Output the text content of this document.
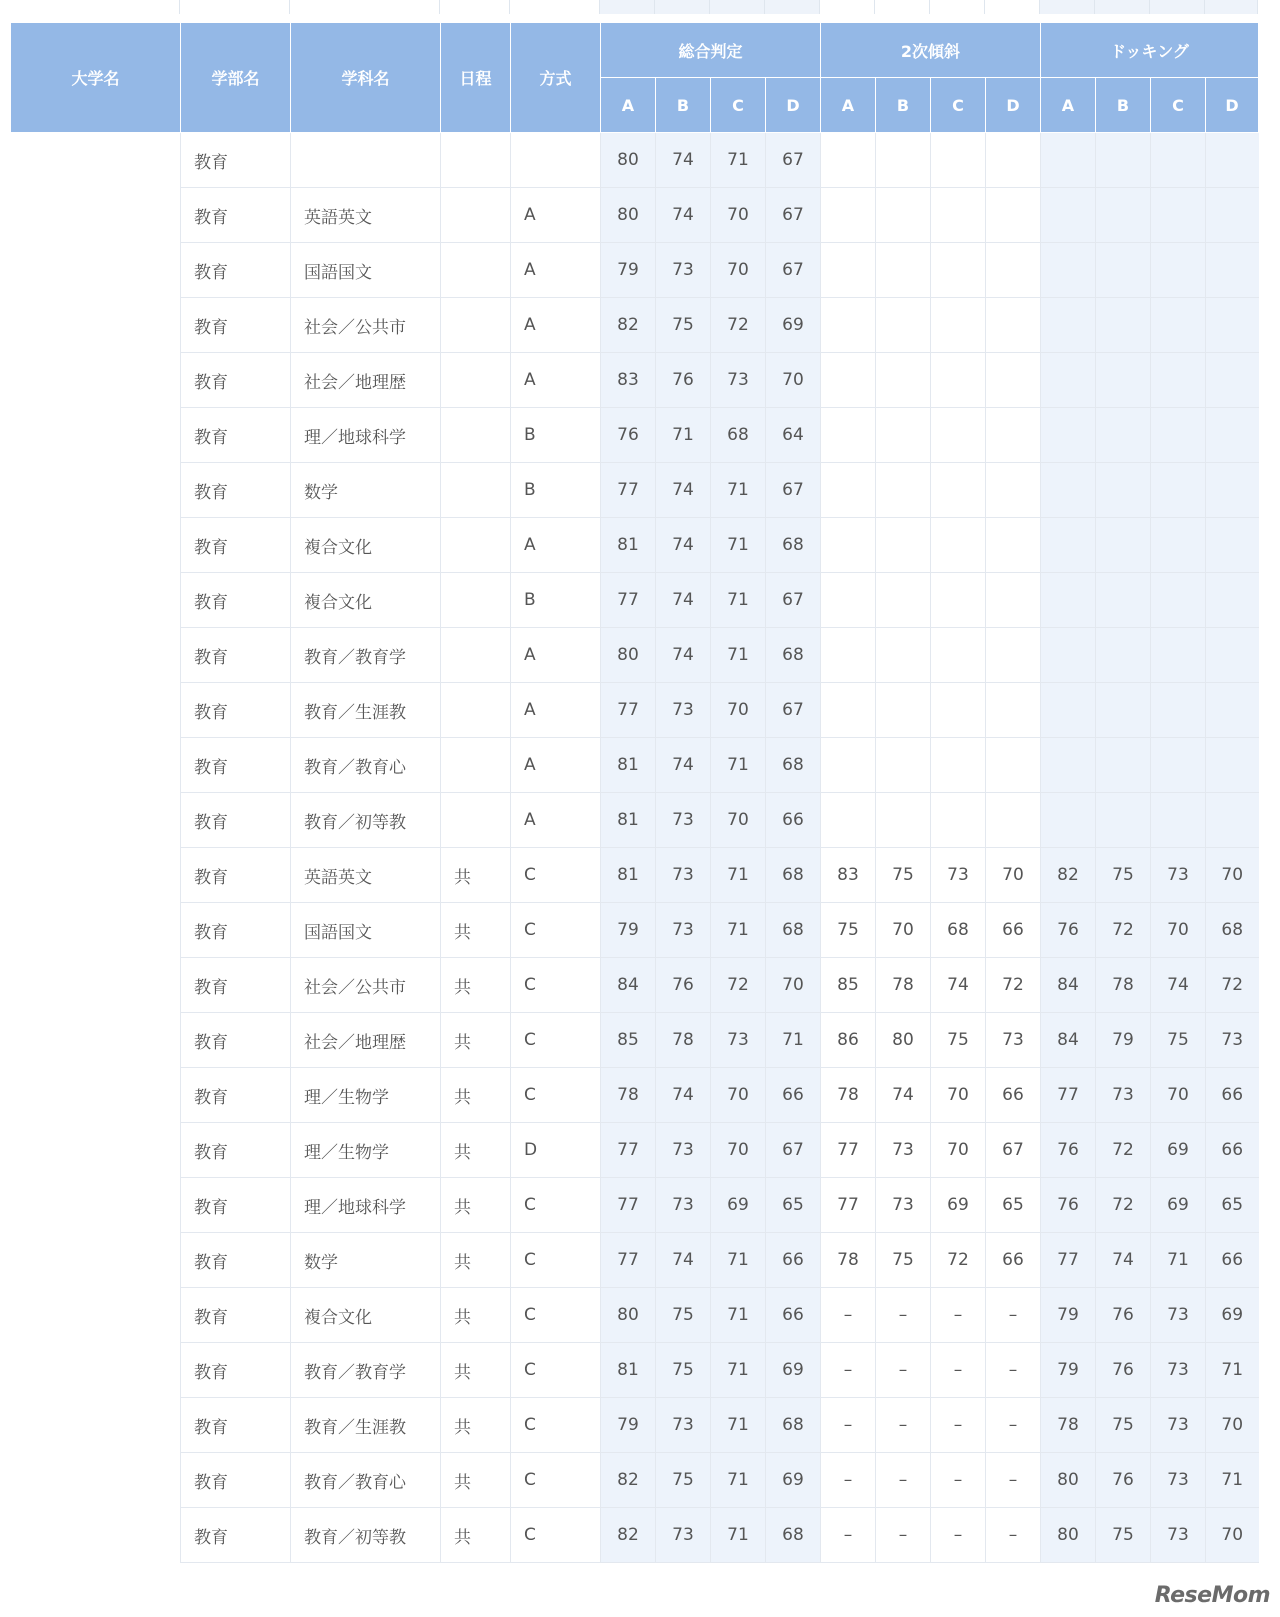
大学名	学部名	学科名	日程	方式	総合判定				2次傾斜				ドッキング			
					A	B	C	D	A	B	C	D	A	B	C	D
	教育				80	74	71	67								
	教育	英語英文		A	80	74	70	67								
	教育	国語国文		A	79	73	70	67								
	教育	社会／公共市		A	82	75	72	69								
	教育	社会／地理歴		A	83	76	73	70								
	教育	理／地球科学		B	76	71	68	64								
	教育	数学		B	77	74	71	67								
	教育	複合文化		A	81	74	71	68								
	教育	複合文化		B	77	74	71	67								
	教育	教育／教育学		A	80	74	71	68								
	教育	教育／生涯教		A	77	73	70	67								
	教育	教育／教育心		A	81	74	71	68								
	教育	教育／初等教		A	81	73	70	66								
	教育	英語英文	共	C	81	73	71	68	83	75	73	70	82	75	73	70
	教育	国語国文	共	C	79	73	71	68	75	70	68	66	76	72	70	68
	教育	社会／公共市	共	C	84	76	72	70	85	78	74	72	84	78	74	72
	教育	社会／地理歴	共	C	85	78	73	71	86	80	75	73	84	79	75	73
	教育	理／生物学	共	C	78	74	70	66	78	74	70	66	77	73	70	66
	教育	理／生物学	共	D	77	73	70	67	77	73	70	67	76	72	69	66
	教育	理／地球科学	共	C	77	73	69	65	77	73	69	65	76	72	69	65
	教育	数学	共	C	77	74	71	66	78	75	72	66	77	74	71	66
	教育	複合文化	共	C	80	75	71	66	–	–	–	–	79	76	73	69
	教育	教育／教育学	共	C	81	75	71	69	–	–	–	–	79	76	73	71
	教育	教育／生涯教	共	C	79	73	71	68	–	–	–	–	78	75	73	70
	教育	教育／教育心	共	C	82	75	71	69	–	–	–	–	80	76	73	71
	教育	教育／初等教	共	C	82	73	71	68	–	–	–	–	80	75	73	70
ReseMom
